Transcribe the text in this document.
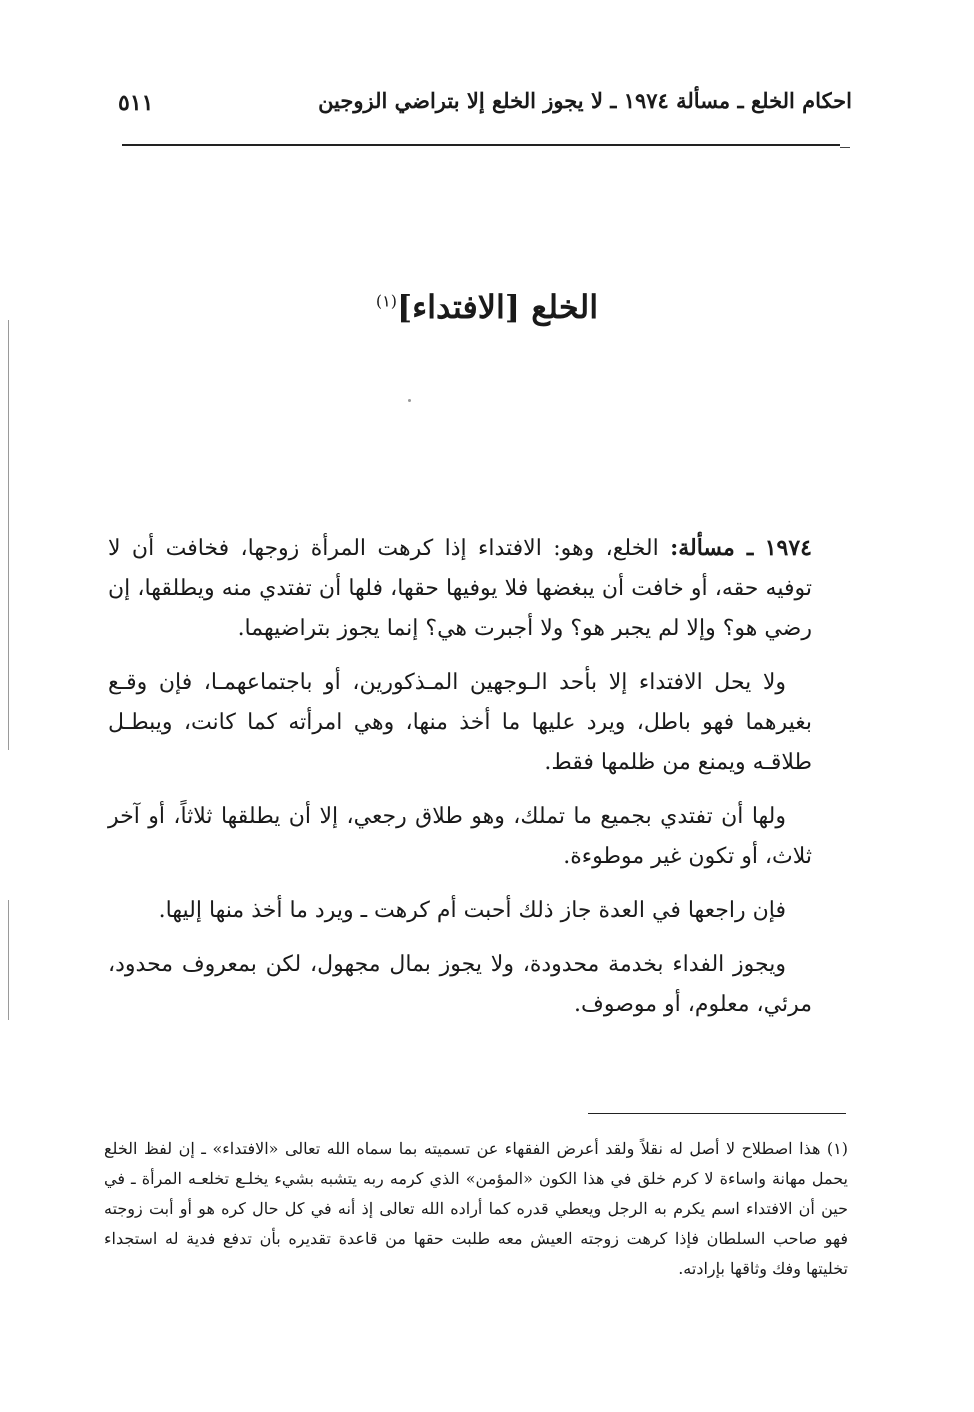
احكام الخلع ـ مسألة ١٩٧٤ ـ لا يجوز الخلع إلا بتراضي الزوجين
٥١١
الخلع [الافتداء]$^{(١)}$

١٩٧٤ ـ مسألة: الخلع، وهو: الافتداء إذا كرهت المرأة زوجها، فخافت أن لا توفيه حقه، أو خافت أن يبغضها فلا يوفيها حقها، فلها أن تفتدي منه ويطلقها، إن رضي هو؟ وإلا لم يجبر هو؟ ولا أجبرت هي؟ إنما يجوز بتراضيهما.

ولا يحل الافتداء إلا بأحد الـوجهين المـذكورين، أو باجتماعهمـا، فإن وقـع بغيرهما فهو باطل، ويرد عليها ما أخذ منها، وهي امرأته كما كانت، ويبطـل طلاقـه ويمنع من ظلمها فقط.

ولها أن تفتدي بجميع ما تملك، وهو طلاق رجعي، إلا أن يطلقها ثلاثاً، أو آخر ثلاث، أو تكون غير موطوءة.

فإن راجعها في العدة جاز ذلك أحبت أم كرهت ـ ويرد ما أخذ منها إليها.

ويجوز الفداء بخدمة محدودة، ولا يجوز بمال مجهول، لكن بمعروف محدود، مرئي، معلوم، أو موصوف.

(١) هذا اصطلاح لا أصل له نقلاً ولقد أعرض الفقهاء عن تسميته بما سماه الله تعالى «الافتداء» ـ إن لفظ الخلع يحمل مهانة واساءة لا كرم خلق في هذا الكون «المؤمن» الذي كرمه ربه يتشبه بشيء يخلـع تخلعـه المرأة ـ في حين أن الافتداء اسم يكرم به الرجل ويعطي قدره كما أراده الله تعالى إذ أنه في كل حال كره هو أو أبت زوجته فهو صاحب السلطان فإذا كرهت زوجته العيش معه طلبت حقها من قاعدة تقديره بأن تدفع فدية له استجداء تخليتها وفك وثاقها بإرادته.
